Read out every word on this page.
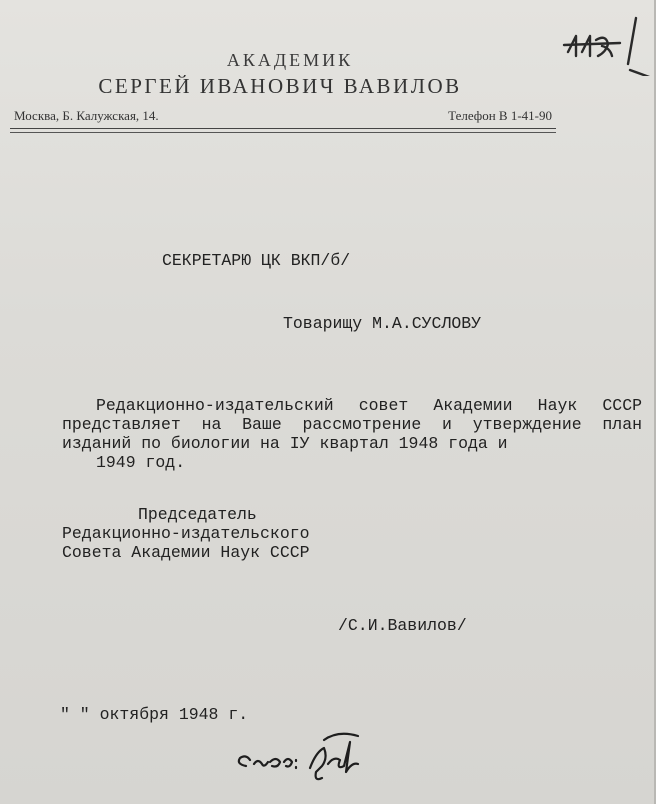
АКАДЕМИК
СЕРГЕЙ ИВАНОВИЧ ВАВИЛОВ
Москва, Б. Калужская, 14.	Телефон В 1-41-90
СЕКРЕТАРЮ ЦК ВКП/б/
Товарищу М.А.СУСЛОВУ
Редакционно-издательский совет Академии Наук СССР представляет на Ваше рассмотрение и утверждение план изданий по биологии на IУ квартал 1948 года и
1949 год.
Председатель
Редакционно-издательского
Совета Академии Наук СССР
/С.И.Вавилов/
" " октября 1948 г.
